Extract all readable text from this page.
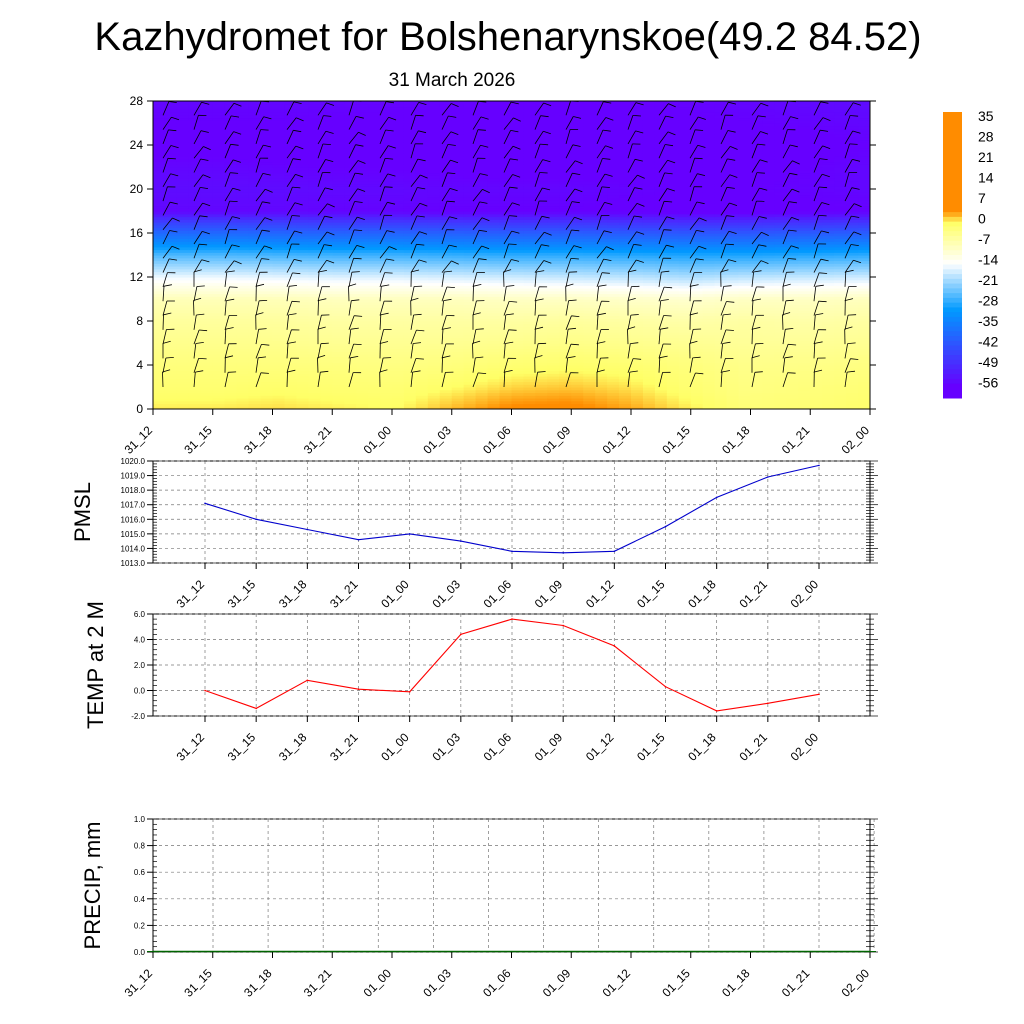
Kazhydromet for Bolshenarynskoe(49.2 84.52)
31 March 2026
0
4
8
12
16
20
24
28
31_12 31_15 31_18 31_21 01_00 01_03 01_06 01_09 01_12 01_15 01_18 01_21 02_00
35
28
21
14
7
0
-7
-14
-21
-28
-35
-42
-49
-56
1013.0
1014.0
1015.0
1016.0
1017.0
1018.0
1019.0
1020.0
31_12 31_15 31_18 31_21 01_00 01_03 01_06 01_09 01_12 01_15 01_18 01_21 02_00
PMSL
-2.0
0.0
2.0
4.0
6.0
31_12 31_15 31_18 31_21 01_00 01_03 01_06 01_09 01_12 01_15 01_18 01_21 02_00
TEMP at 2 M
0.0
0.2
0.4
0.6
0.8
1.0
31_12 31_15 31_18 31_21 01_00 01_03 01_06 01_09 01_12 01_15 01_18 01_21 02_00
PRECIP, mm
